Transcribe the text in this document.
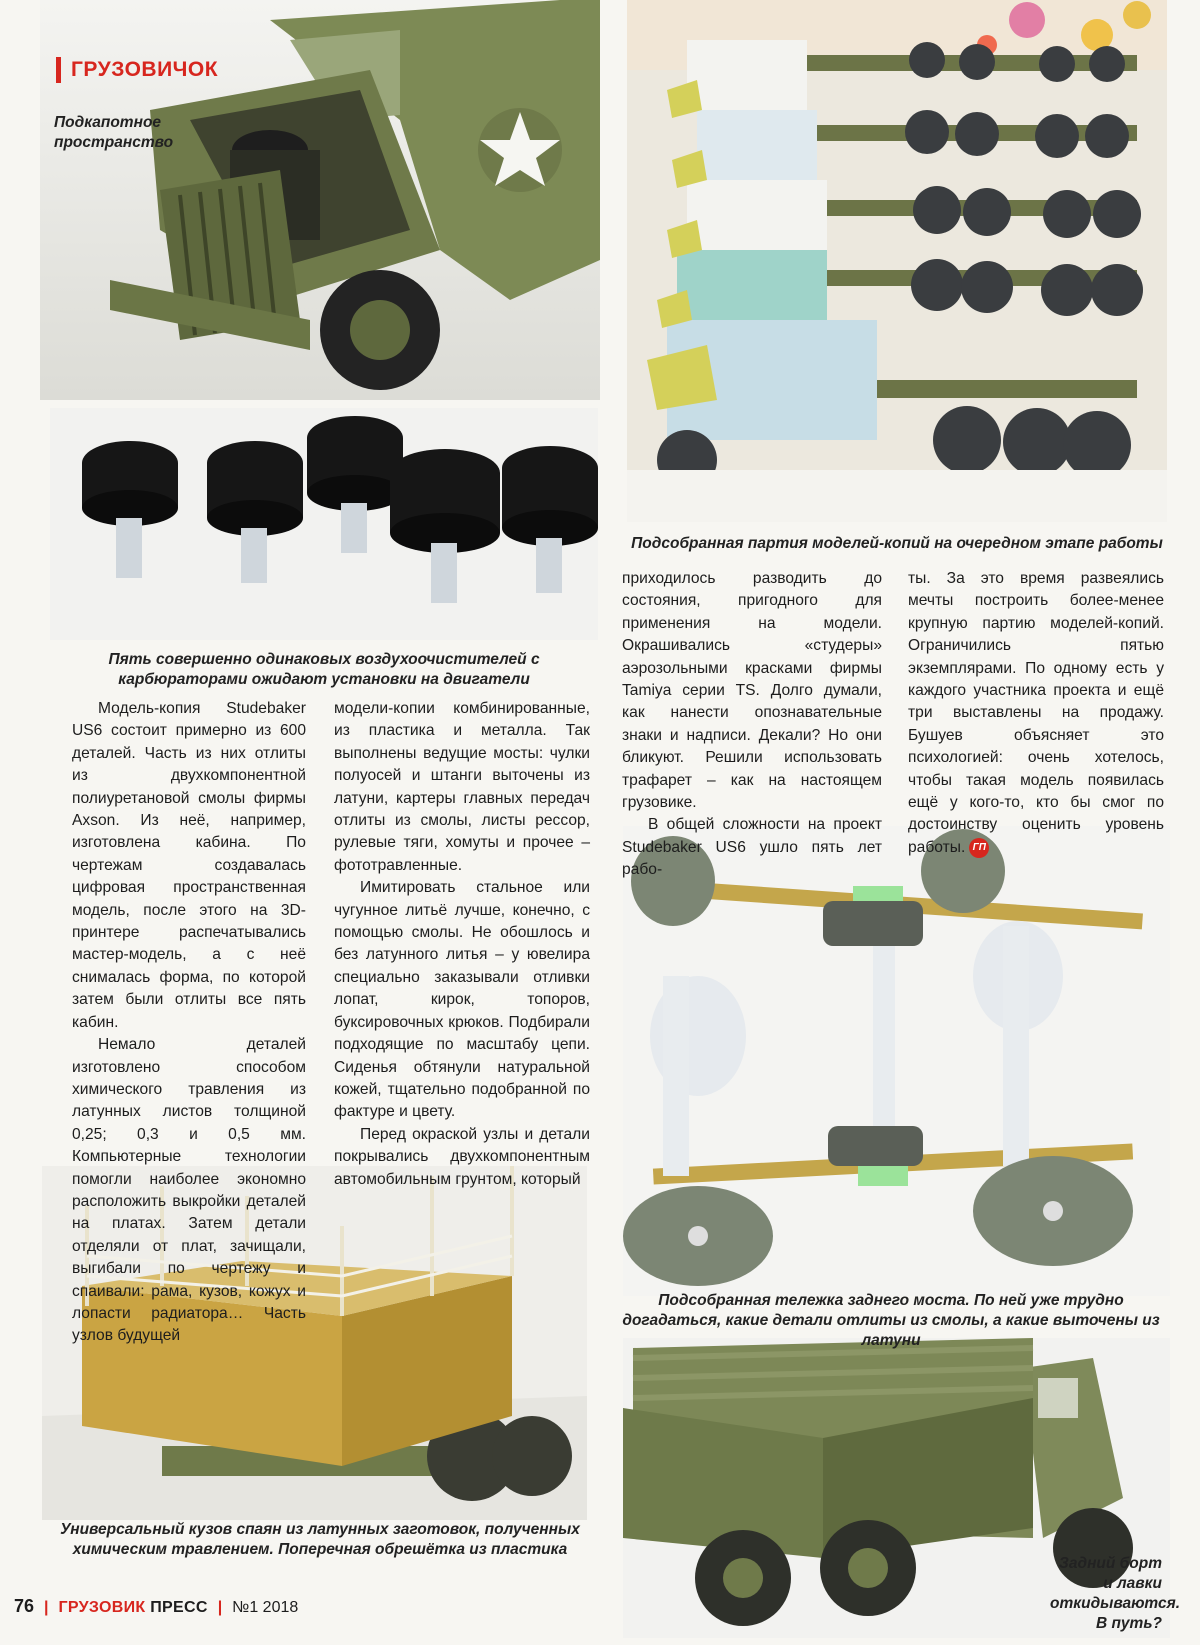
ГРУЗОВИЧОК
Подкапотное пространство
Пять совершенно одинаковых воздухоочистителей с карбюраторами ожидают установки на двигатели
Подсобранная партия моделей-копий на очередном этапе работы
Подсобранная тележка заднего моста. По ней уже трудно догадаться, какие детали отлиты из смолы, а какие выточены из латуни
Универсальный кузов спаян из латунных заготовок, полученных химическим травлением. Поперечная обрешётка из пластика
Задний борт и лавки откидываются. В путь?

Модель-копия Studebaker US6 состоит примерно из 600 деталей. Часть из них отлиты из двухкомпонентной полиуретановой смолы фирмы Axson. Из неё, например, изготовлена кабина. По чертежам создавалась цифровая пространственная модель, после этого на 3D-принтере распечатывались мастер-модель, а с неё снималась форма, по которой затем были отлиты все пять кабин.

Немало деталей изготовлено способом химического травления из латунных листов толщиной 0,25; 0,3 и 0,5 мм. Компьютерные технологии помогли наиболее экономно расположить выкройки деталей на платах. Затем детали отделяли от плат, зачищали, выгибали по чертежу и спаивали: рама, кузов, кожух и лопасти радиатора… Часть узлов будущей

модели-копии комбинированные, из пластика и металла. Так выполнены ведущие мосты: чулки полуосей и штанги выточены из латуни, картеры главных передач отлиты из смолы, листы рессор, рулевые тяги, хомуты и прочее – фототравленные.

Имитировать стальное или чугунное литьё лучше, конечно, с помощью смолы. Не обошлось и без латунного литья – у ювелира специально заказывали отливки лопат, кирок, топоров, буксировочных крюков. Подбирали подходящие по масштабу цепи. Сиденья обтянули натуральной кожей, тщательно подобранной по фактуре и цвету.

Перед окраской узлы и детали покрывались двухкомпонентным автомобильным грунтом, который

приходилось разводить до состояния, пригодного для применения на модели. Окрашивались «студеры» аэрозольными красками фирмы Tamiya серии TS. Долго думали, как нанести опознавательные знаки и надписи. Декали? Но они бликуют. Решили использовать трафарет – как на настоящем грузовике.

В общей сложности на проект Studebaker US6 ушло пять лет рабо-

ты. За это время развеялись мечты построить более-менее крупную партию моделей-копий. Ограничились пятью экземплярами. По одному есть у каждого участника проекта и ещё три выставлены на продажу. Бушуев объясняет это психологией: очень хотелось, чтобы такая модель появилась ещё у кого-то, кто бы смог по достоинству оценить уровень работы. ГП

76 | ГРУЗОВИК ПРЕСС | №1 2018
